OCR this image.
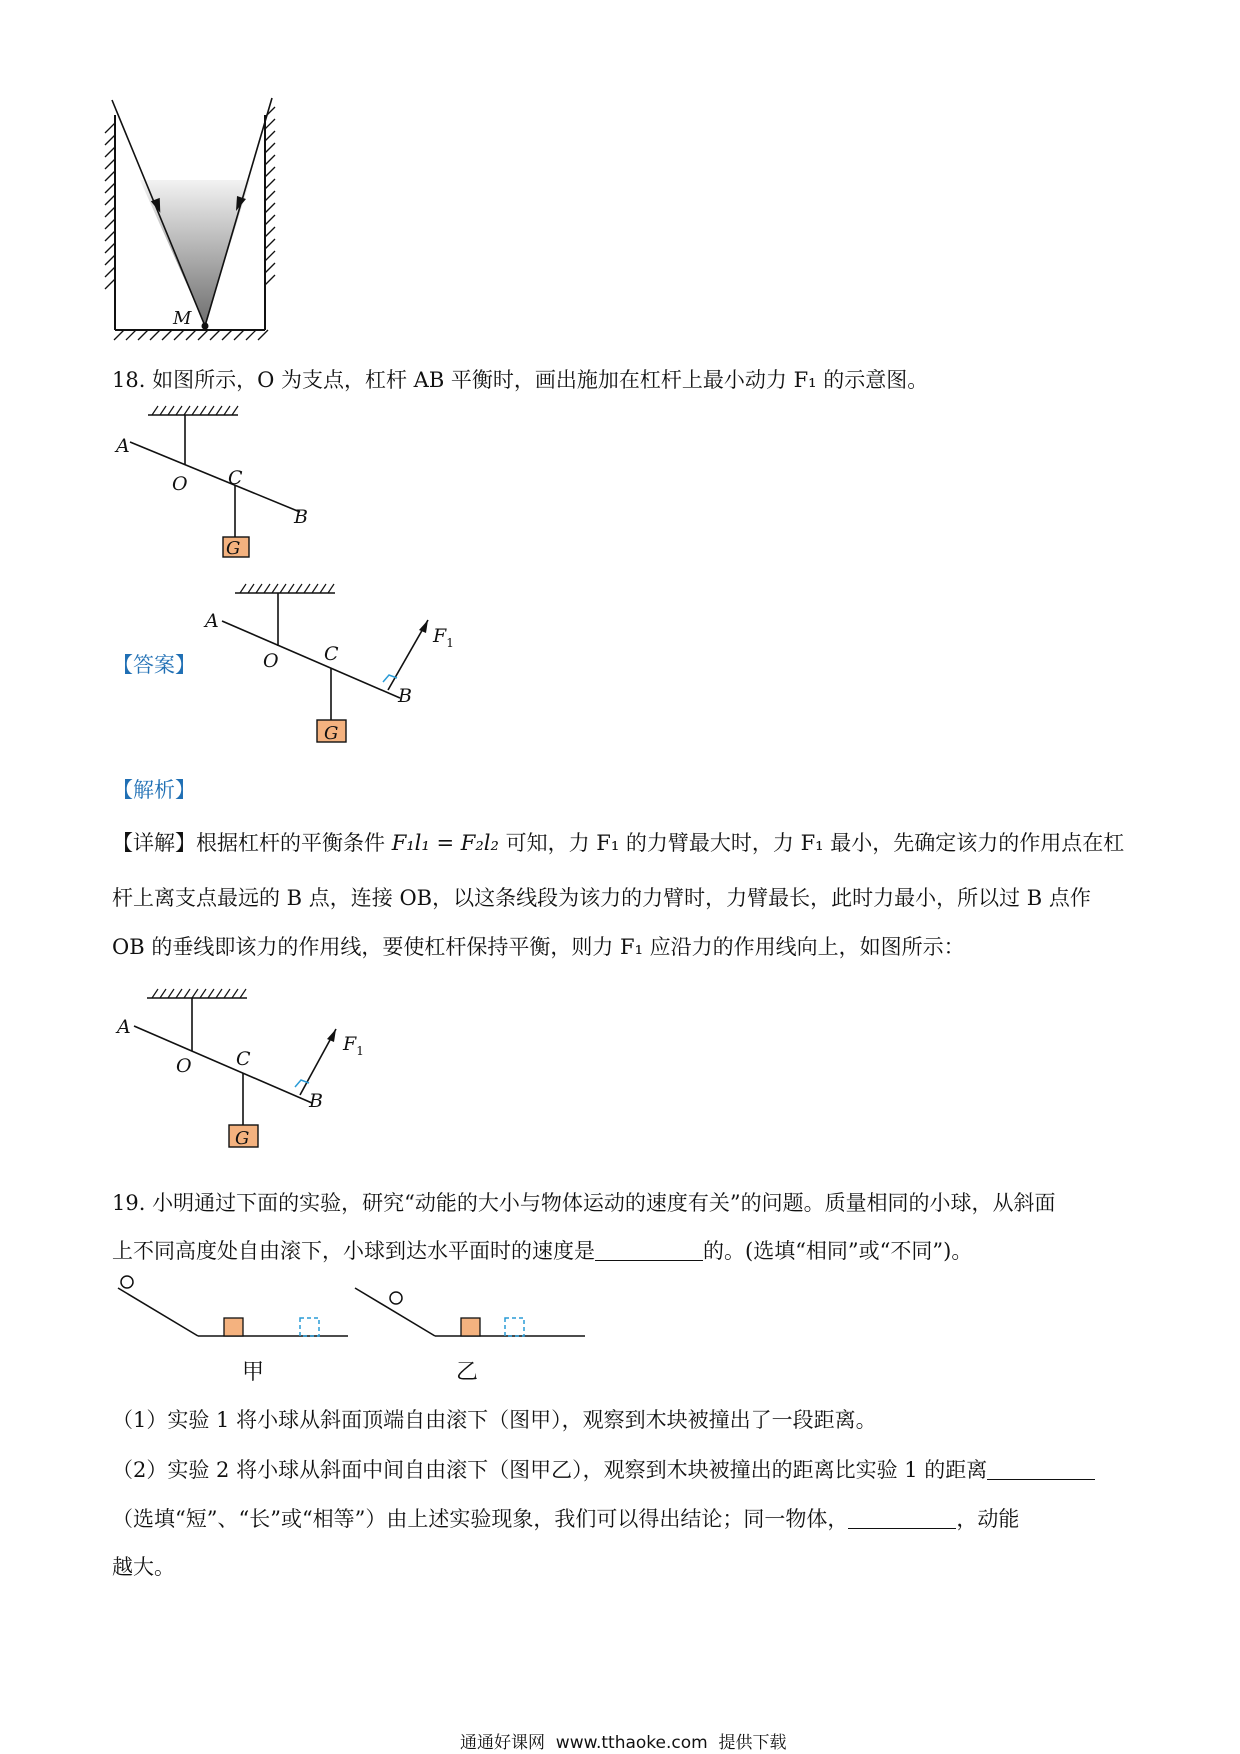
M
18. 如图所示，O 为支点，杠杆 AB 平衡时，画出施加在杠杆上最小动力 F₁ 的示意图。
A
O C
B
G
【答案】
A
O C
B
G
$F_1$
【解析】
【详解】根据杠杆的平衡条件 F₁l₁ = F₂l₂ 可知，力 F₁ 的力臂最大时，力 F₁ 最小，先确定该力的作用点在杠
杆上离支点最远的 B 点，连接 OB，以这条线段为该力的力臂时，力臂最长，此时力最小，所以过 B 点作
OB 的垂线即该力的作用线，要使杠杆保持平衡，则力 F₁ 应沿力的作用线向上，如图所示：
A
O C
B
G
$F_1$
19. 小明通过下面的实验，研究“动能的大小与物体运动的速度有关”的问题。质量相同的小球，从斜面
上不同高度处自由滚下，小球到达水平面时的速度是	的。(选填“相同”或“不同”)。
甲	乙
（1）实验 1 将小球从斜面顶端自由滚下（图甲），观察到木块被撞出了一段距离。
（2）实验 2 将小球从斜面中间自由滚下（图甲乙），观察到木块被撞出的距离比实验 1 的距离
（选填“短”、“长”或“相等”）由上述实验现象，我们可以得出结论；同一物体，	，动能
越大。
通通好课网  www.tthaoke.com  提供下载
